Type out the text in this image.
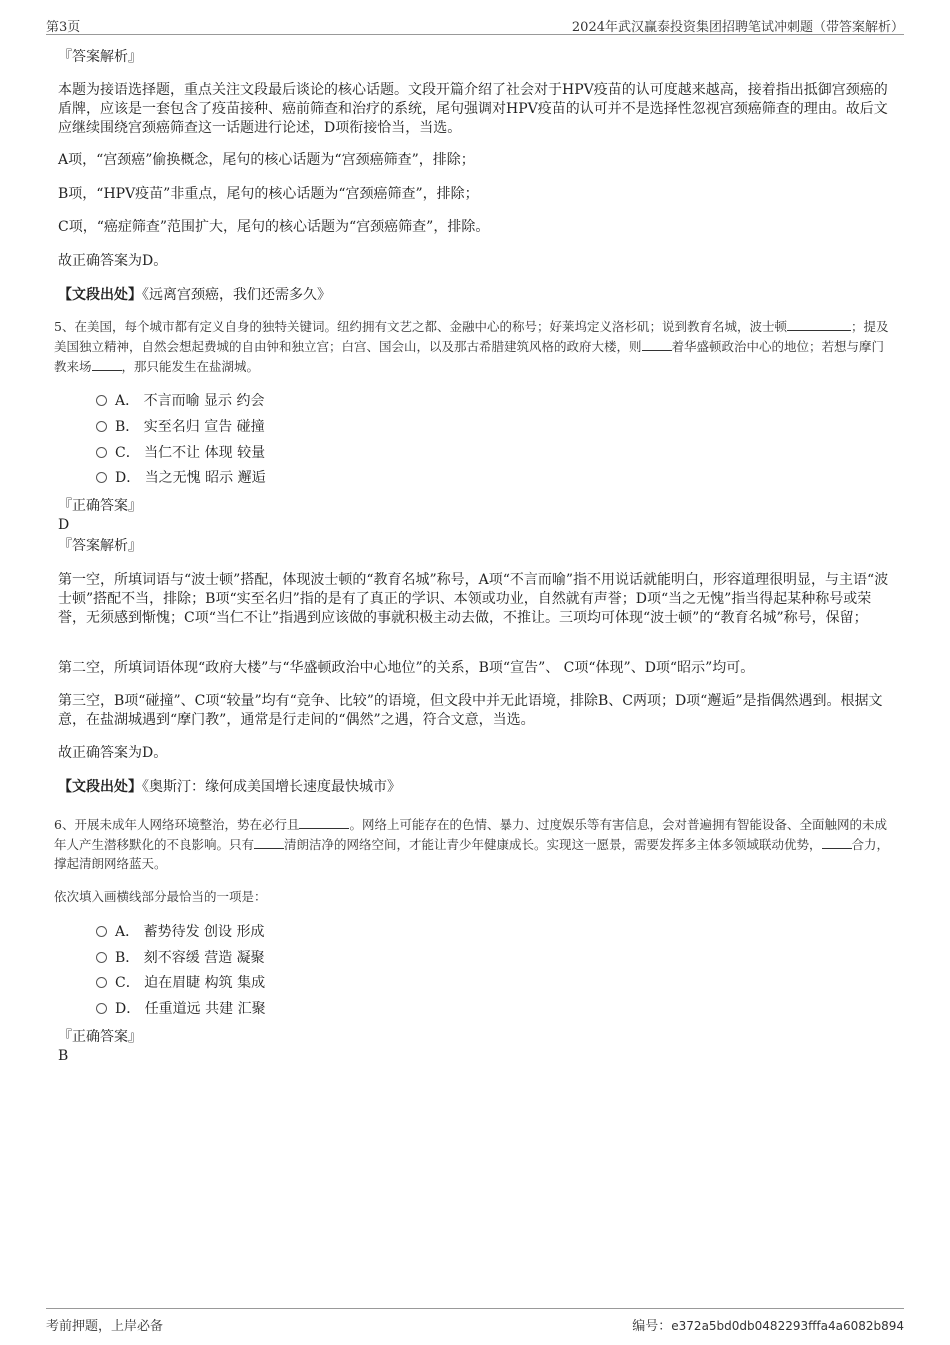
第3页	2024年武汉赢泰投资集团招聘笔试冲刺题（带答案解析）
『答案解析』
本题为接语选择题，重点关注文段最后谈论的核心话题。文段开篇介绍了社会对于HPV疫苗的认可度越来越高，接着指出抵御宫颈癌的盾牌，应该是一套包含了疫苗接种、癌前筛查和治疗的系统，尾句强调对HPV疫苗的认可并不是选择性忽视宫颈癌筛查的理由。故后文应继续围绕宫颈癌筛查这一话题进行论述，D项衔接恰当，当选。
A项，“宫颈癌”偷换概念，尾句的核心话题为“宫颈癌筛查”，排除；
B项，“HPV疫苗”非重点，尾句的核心话题为“宫颈癌筛查”，排除；
C项，“癌症筛查”范围扩大，尾句的核心话题为“宫颈癌筛查”，排除。
故正确答案为D。
【文段出处】《远离宫颈癌，我们还需多久》
5、在美国，每个城市都有定义自身的独特关键词。纽约拥有文艺之都、金融中心的称号；好莱坞定义洛杉矶；说到教育名城，波士顿	；提及美国独立精神，自然会想起费城的自由钟和独立宫；白宫、国会山，以及那古希腊建筑风格的政府大楼，则 着华盛顿政治中心的地位；若想与摩门教来场 ，那只能发生在盐湖城。
A． 不言而喻 显示 约会
B． 实至名归 宣告 碰撞
C． 当仁不让 体现 较量
D． 当之无愧 昭示 邂逅
『正确答案』
D
『答案解析』
第一空，所填词语与“波士顿”搭配，体现波士顿的“教育名城”称号，A项“不言而喻”指不用说话就能明白，形容道理很明显，与主语“波士顿”搭配不当，排除；B项“实至名归”指的是有了真正的学识、本领或功业，自然就有声誉；D项“当之无愧”指当得起某种称号或荣誉，无须感到惭愧；C项“当仁不让”指遇到应该做的事就积极主动去做，不推让。三项均可体现“波士顿”的“教育名城”称号，保留；
第二空，所填词语体现“政府大楼”与“华盛顿政治中心地位”的关系，B项“宣告”、 C项“体现”、D项“昭示”均可。
第三空，B项“碰撞”、C项“较量”均有“竞争、比较”的语境，但文段中并无此语境，排除B、C两项；D项“邂逅”是指偶然遇到。根据文意，在盐湖城遇到“摩门教”，通常是行走间的“偶然”之遇，符合文意，当选。
故正确答案为D。
【文段出处】《奥斯汀：缘何成美国增长速度最快城市》
6、开展未成年人网络环境整治，势在必行且	。网络上可能存在的色情、暴力、过度娱乐等有害信息，会对普遍拥有智能设备、全面触网的未成年人产生潜移默化的不良影响。只有 清朗洁净的网络空间，才能让青少年健康成长。实现这一愿景，需要发挥多主体多领域联动优势， 合力，撑起清朗网络蓝天。
依次填入画横线部分最恰当的一项是：
A． 蓄势待发 创设 形成
B． 刻不容缓 营造 凝聚
C． 迫在眉睫 构筑 集成
D． 任重道远 共建 汇聚
『正确答案』
B
考前押题，上岸必备	编号：e372a5bd0db0482293fffa4a6082b894
